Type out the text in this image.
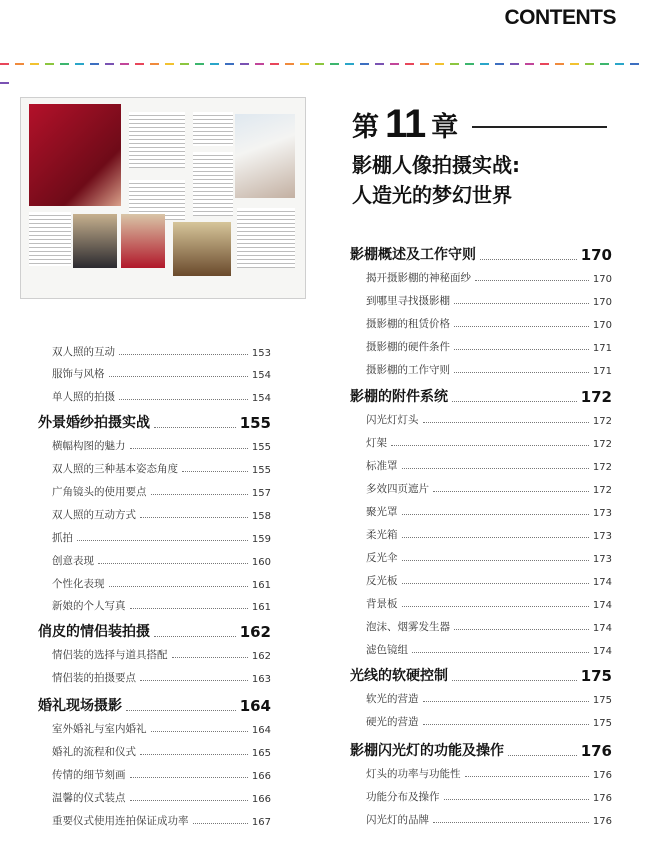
CONTENTS
第 11 章
影棚人像拍摄实战:
人造光的梦幻世界
双人照的互动	153
服饰与风格	154
单人照的拍摄	154
外景婚纱拍摄实战	155
横幅构图的魅力	155
双人照的三种基本姿态角度	155
广角镜头的使用要点	157
双人照的互动方式	158
抓拍	159
创意表现	160
个性化表现	161
新娘的个人写真	161
俏皮的情侣装拍摄	162
情侣装的选择与道具搭配	162
情侣装的拍摄要点	163
婚礼现场摄影	164
室外婚礼与室内婚礼	164
婚礼的流程和仪式	165
传情的细节刻画	166
温馨的仪式装点	166
重要仪式使用连拍保证成功率	167
影棚概述及工作守则	170
揭开摄影棚的神秘面纱	170
到哪里寻找摄影棚	170
摄影棚的租赁价格	170
摄影棚的硬件条件	171
摄影棚的工作守则	171
影棚的附件系统	172
闪光灯灯头	172
灯架	172
标准罩	172
多效四页遮片	172
聚光罩	173
柔光箱	173
反光伞	173
反光板	174
背景板	174
泡沫、烟雾发生器	174
滤色镜组	174
光线的软硬控制	175
软光的营造	175
硬光的营造	175
影棚闪光灯的功能及操作	176
灯头的功率与功能性	176
功能分布及操作	176
闪光灯的品牌	176
